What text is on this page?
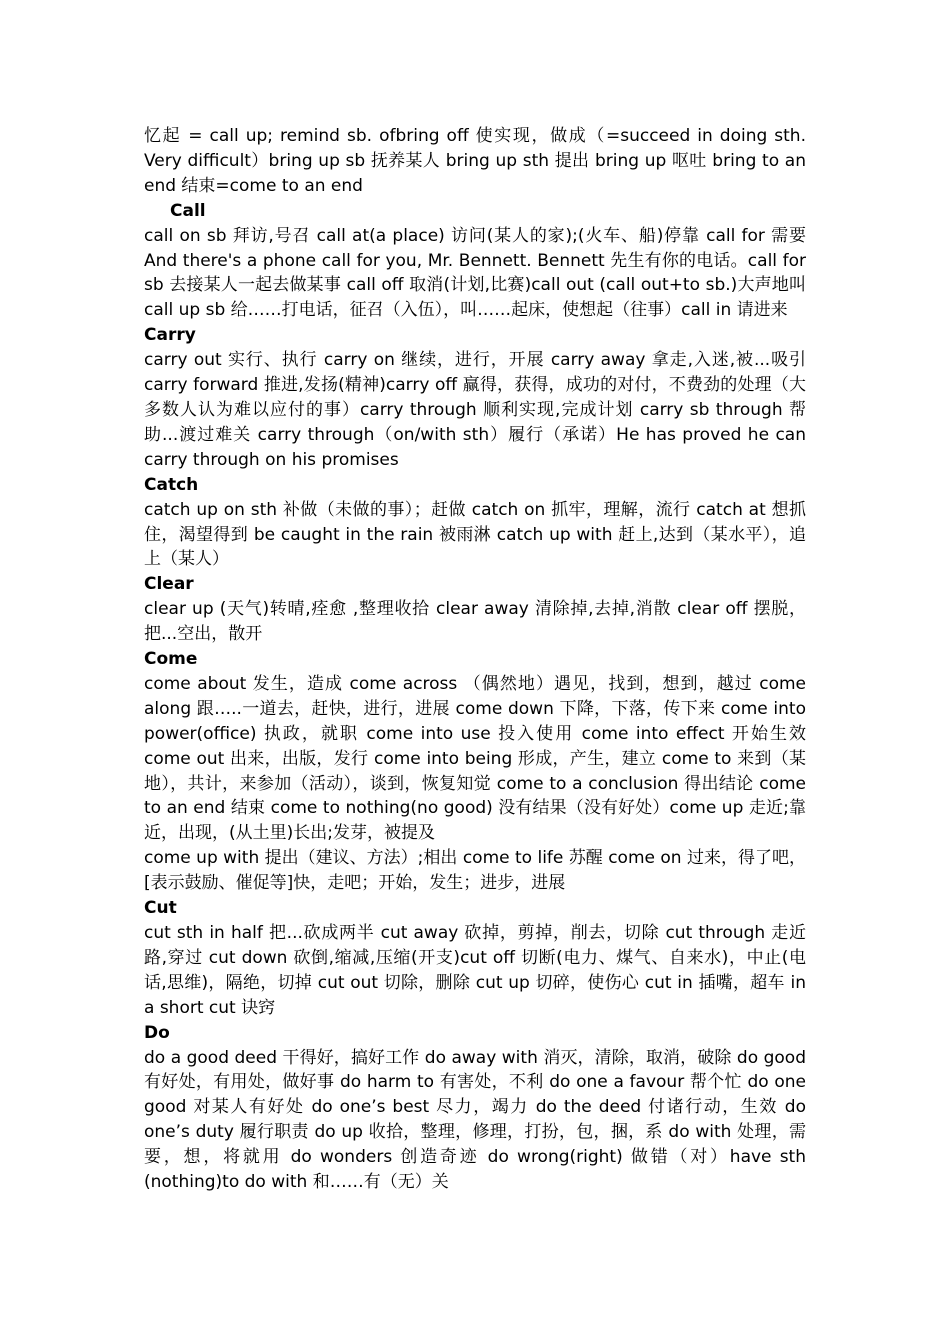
忆起 = call up; remind sb. ofbring off 使实现，做成（=succeed in doing sth. Very difficult）bring up sb 抚养某人 bring up sth 提出 bring up 呕吐 bring to an end 结束=come to an end

Call

call on sb 拜访,号召 call at(a place) 访问(某人的家);(火车、船)停靠 call for 需要 And there's a phone call for you, Mr. Bennett. Bennett 先生有你的电话。call for sb 去接某人一起去做某事 call off 取消(计划,比赛)call out (call out+to sb.)大声地叫 call up sb 给……打电话，征召（入伍），叫……起床，使想起（往事）call in 请进来

Carry

carry out 实行、执行 carry on 继续，进行，开展 carry away 拿走,入迷,被...吸引 carry forward 推进,发扬(精神)carry off 赢得，获得，成功的对付，不费劲的处理（大多数人认为难以应付的事）carry through 顺利实现,完成计划 carry sb through 帮助...渡过难关 carry through（on/with sth）履行（承诺）He has proved he can carry through on his promises

Catch

catch up on sth 补做（未做的事）；赶做 catch on 抓牢，理解，流行 catch at 想抓住，渴望得到 be caught in the rain 被雨淋 catch up with 赶上,达到（某水平），追上（某人）

Clear

clear up (天气)转晴,痊愈 ,整理收拾 clear away 清除掉,去掉,消散 clear off 摆脱， 把...空出，散开

Come

come about 发生，造成 come across （偶然地）遇见，找到，想到，越过 come along 跟…..一道去，赶快，进行，进展 come down 下降，下落，传下来 come into power(office) 执政，就职 come into use 投入使用 come into effect 开始生效 come out 出来，出版，发行 come into being 形成，产生，建立 come to 来到（某地），共计，来参加（活动），谈到，恢复知觉 come to a conclusion 得出结论 come to an end 结束 come to nothing(no good) 没有结果（没有好处）come up 走近;靠近，出现，(从土里)长出;发芽，被提及

come up with 提出（建议、方法）;相出 come to life 苏醒 come on 过来，得了吧，[表示鼓励、催促等]快，走吧；开始，发生；进步，进展

Cut

cut sth in half 把...砍成两半 cut away 砍掉，剪掉，削去，切除 cut through 走近路,穿过 cut down 砍倒,缩减,压缩(开支)cut off 切断(电力、煤气、自来水)，中止(电话,思维)，隔绝，切掉 cut out 切除，删除 cut up 切碎，使伤心 cut in 插嘴，超车 in a short cut 诀窍

Do

do a good deed 干得好，搞好工作 do away with 消灭，清除，取消，破除 do good 有好处，有用处，做好事 do harm to 有害处，不利 do one a favour 帮个忙 do one good 对某人有好处 do one’s best 尽力，竭力 do the deed 付诸行动，生效 do one’s duty 履行职责 do up 收拾，整理，修理，打扮，包，捆，系 do with 处理，需要，想，将就用 do wonders 创造奇迹 do wrong(right) 做错（对）have sth (nothing)to do with 和……有（无）关
